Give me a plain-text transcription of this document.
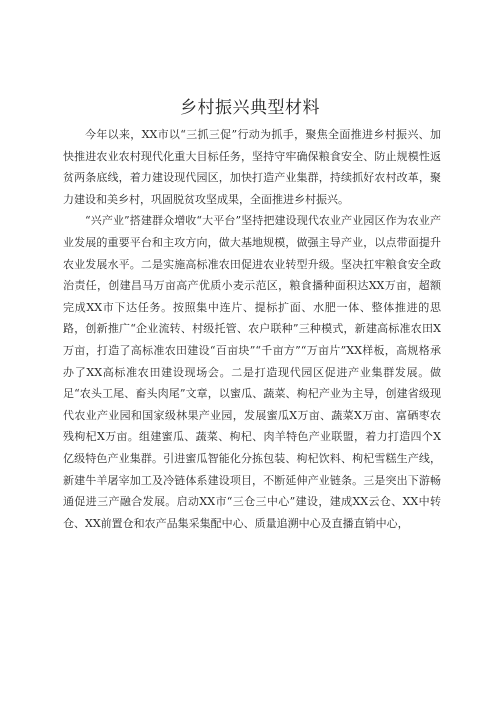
乡村振兴典型材料

今年以来，XX市以“三抓三促”行动为抓手，聚焦全面推进乡村振兴、加快推进农业农村现代化重大目标任务，坚持守牢确保粮食安全、防止规模性返贫两条底线，着力建设现代园区，加快打造产业集群，持续抓好农村改革，聚力建设和美乡村，巩固脱贫攻坚成果，全面推进乡村振兴。

“兴产业”搭建群众增收“大平台”坚持把建设现代农业产业园区作为农业产业发展的重要平台和主攻方向，做大基地规模，做强主导产业，以点带面提升农业发展水平。二是实施高标准农田促进农业转型升级。坚决扛牢粮食安全政治责任，创建昌马万亩高产优质小麦示范区，粮食播种面积达XX万亩，超额完成XX市下达任务。按照集中连片、提标扩面、水肥一体、整体推进的思路，创新推广“企业流转、村级托管、农户联种”三种模式，新建高标准农田X万亩，打造了高标准农田建设“百亩块”“千亩方”“万亩片”XX样板，高规格承办了XX高标准农田建设现场会。二是打造现代园区促进产业集群发展。做足“农头工尾、畜头肉尾”文章，以蜜瓜、蔬菜、枸杞产业为主导，创建省级现代农业产业园和国家级林果产业园，发展蜜瓜X万亩、蔬菜X万亩、富硒枣农残枸杞X万亩。组建蜜瓜、蔬菜、枸杞、肉羊特色产业联盟，着力打造四个X亿级特色产业集群。引进蜜瓜智能化分拣包装、枸杞饮料、枸杞雪糕生产线，新建牛羊屠宰加工及冷链体系建设项目，不断延伸产业链条。三是突出下游畅通促进三产融合发展。启动XX市“三仓三中心”建设，建成XX云仓、XX中转仓、XX前置仓和农产品集采集配中心、质量追溯中心及直播直销中心，
